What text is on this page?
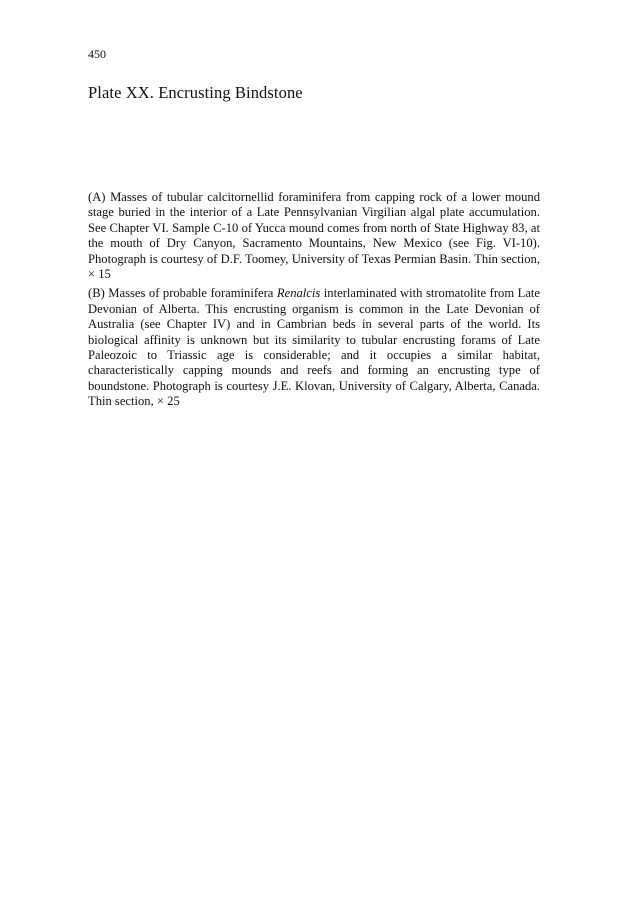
450
Plate XX. Encrusting Bindstone

(A) Masses of tubular calcitornellid foraminifera from capping rock of a lower mound stage buried in the interior of a Late Pennsylvanian Virgilian algal plate accumulation. See Chapter VI. Sample C-10 of Yucca mound comes from north of State Highway 83, at the mouth of Dry Canyon, Sacramento Mountains, New Mexico (see Fig. VI-10). Photograph is courtesy of D.F. Toomey, University of Texas Permian Basin. Thin section, × 15

(B) Masses of probable foraminifera Renalcis interlaminated with stromatolite from Late Devonian of Alberta. This encrusting organism is common in the Late Devonian of Australia (see Chapter IV) and in Cambrian beds in several parts of the world. Its biological affinity is unknown but its similarity to tubular encrusting forams of Late Paleozoic to Triassic age is considerable; and it occupies a similar habitat, characteristically capping mounds and reefs and forming an encrusting type of boundstone. Photograph is courtesy J.E. Klovan, University of Calgary, Alberta, Canada. Thin section, × 25
